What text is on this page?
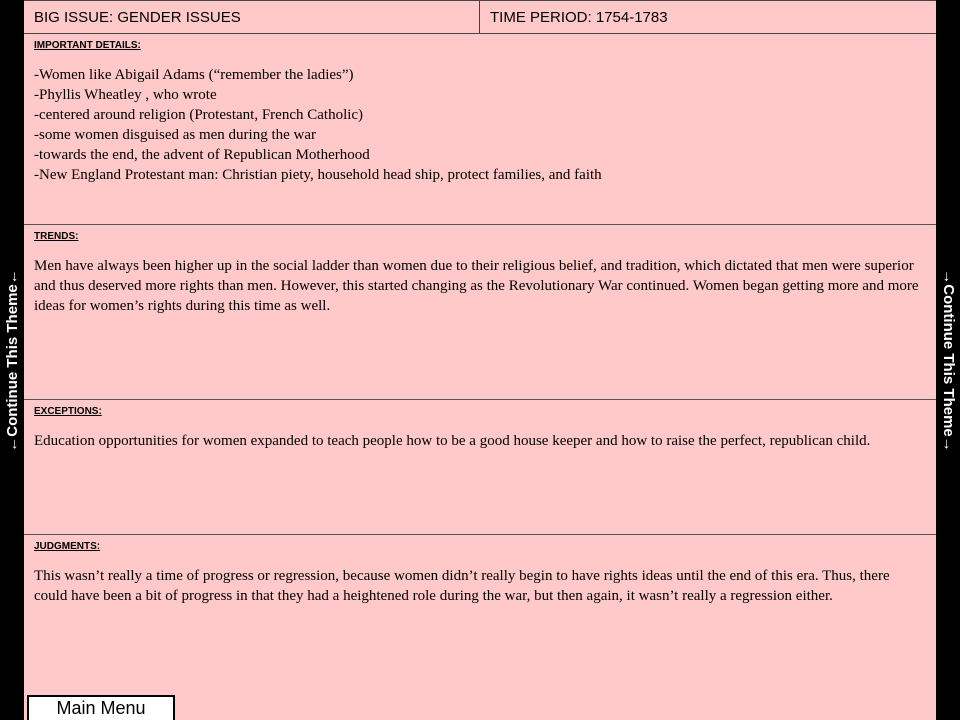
←Continue This Theme←	→Continue This Theme→
BIG ISSUE: GENDER ISSUES	TIME PERIOD: 1754-1783
IMPORTANT DETAILS:
-Women like Abigail Adams (“remember the ladies”)
-Phyllis Wheatley , who wrote
-centered around religion (Protestant, French Catholic)
-some women disguised as men during the war
-towards the end, the advent of Republican Motherhood
-New England Protestant man: Christian piety, household head ship, protect families, and faith
TRENDS:
Men have always been higher up in the social ladder than women due to their religious belief, and tradition, which dictated that men were superior and thus deserved more rights than men. However, this started changing as the Revolutionary War continued. Women began getting more and more ideas for women’s rights during this time as well.
EXCEPTIONS:
Education opportunities for women expanded to teach people how to be a good house keeper and how to raise the perfect, republican child.
JUDGMENTS:
This wasn’t really a time of progress or regression, because women didn’t really begin to have rights ideas until the end of this era. Thus, there could have been a bit of progress in that they had a heightened role during the war, but then again, it wasn’t really a regression either.
Main Menu
